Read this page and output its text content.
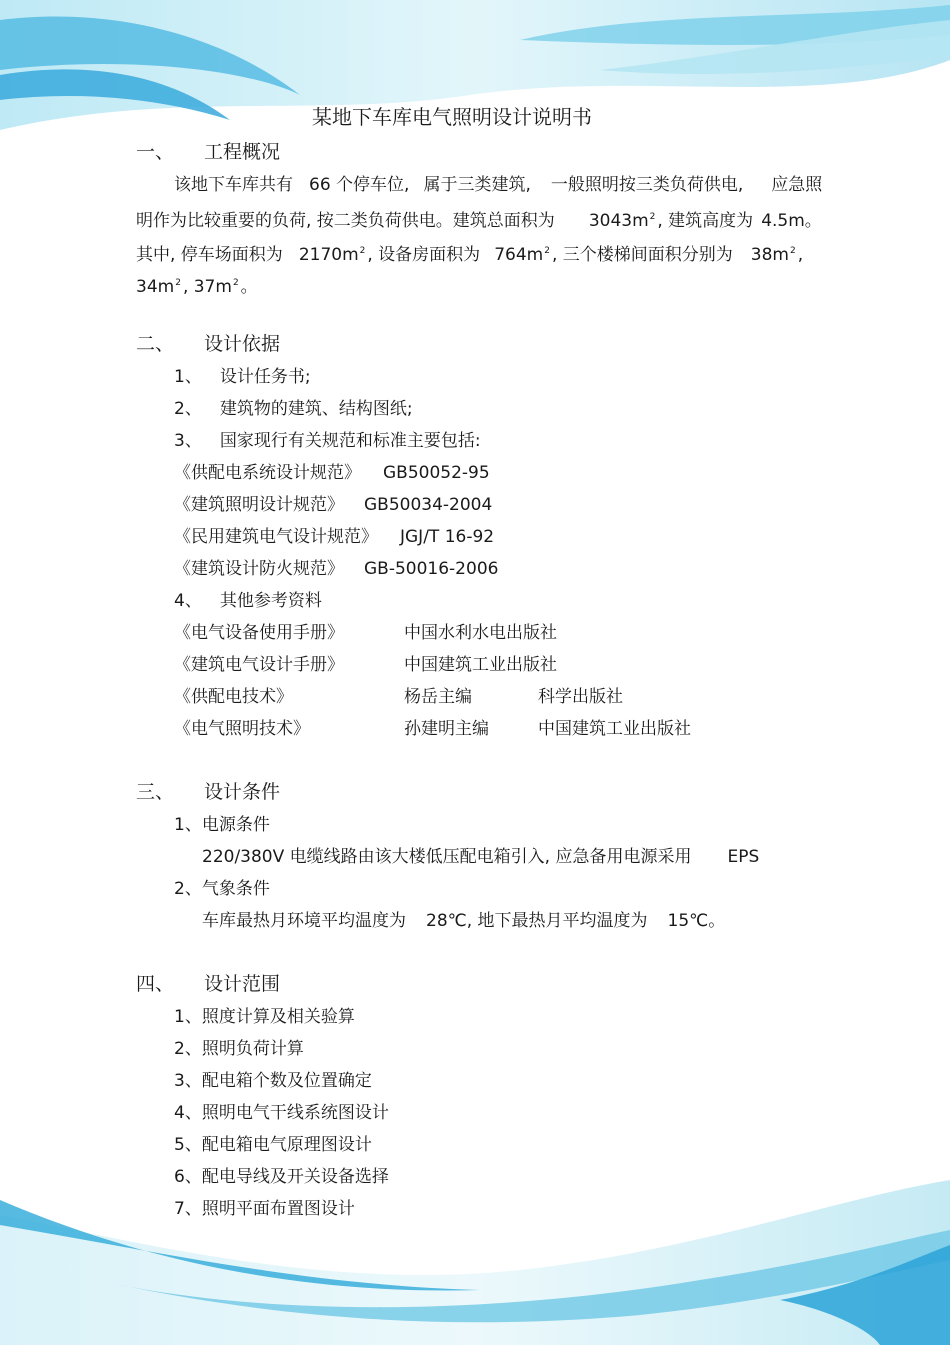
某地下车库电气照明设计说明书
一、 工程概况
该地下车库共有 66 个停车位, 属于三类建筑, 一般照明按三类负荷供电, 应急照
明作为比较重要的负荷, 按二类负荷供电。建筑总面积为 $3043m^2$ , 建筑高度为 4.5m。
其中, 停车场面积为 $2170m^2$ , 设备房面积为 $764m^2$ , 三个楼梯间面积分别为 $38m^2$ ,
$34m^2$ , $37m^2$ 。
二、 设计依据
1、 设计任务书;
2、 建筑物的建筑、结构图纸;
3、 国家现行有关规范和标准主要包括:
《供配电系统设计规范》 GB50052-95
《建筑照明设计规范》 GB50034-2004
《民用建筑电气设计规范》 JGJ/T 16-92
《建筑设计防火规范》 GB-50016-2006
4、 其他参考资料
《电气设备使用手册》	中国水利水电出版社
《建筑电气设计手册》	中国建筑工业出版社
《供配电技术》	杨岳主编	科学出版社
《电气照明技术》	孙建明主编	中国建筑工业出版社
三、 设计条件
1、电源条件
220/380V 电缆线路由该大楼低压配电箱引入, 应急备用电源采用 EPS
2、气象条件
车库最热月环境平均温度为 28℃, 地下最热月平均温度为 15℃。
四、 设计范围
1、照度计算及相关验算
2、照明负荷计算
3、配电箱个数及位置确定
4、照明电气干线系统图设计
5、配电箱电气原理图设计
6、配电导线及开关设备选择
7、照明平面布置图设计
